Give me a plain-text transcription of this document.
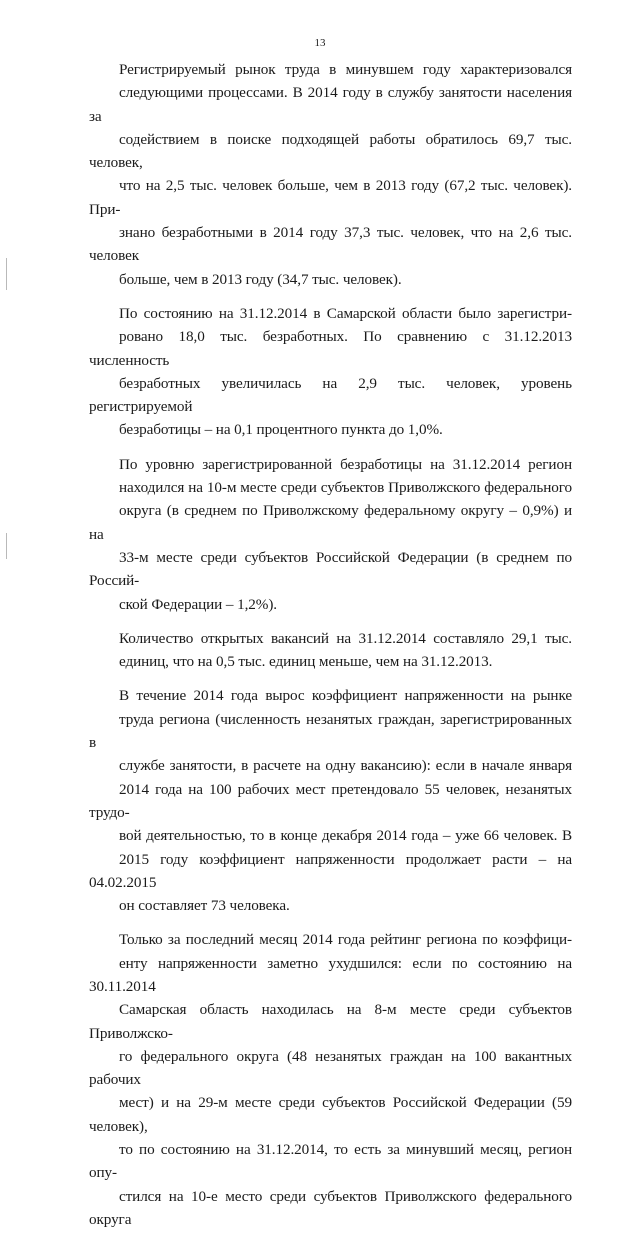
13

Регистрируемый рынок труда в минувшем году характеризовался
следующими процессами. В 2014 году в службу занятости населения за
содействием в поиске подходящей работы обратилось 69,7 тыс. человек,
что на 2,5 тыс. человек больше, чем в 2013 году (67,2 тыс. человек). При-
знано безработными в 2014 году 37,3 тыс. человек, что на 2,6 тыс. человек
больше, чем в 2013 году (34,7 тыс. человек).

По состоянию на 31.12.2014 в Самарской области было зарегистри-
ровано 18,0 тыс. безработных. По сравнению с 31.12.2013 численность
безработных увеличилась на 2,9 тыс. человек, уровень регистрируемой
безработицы – на 0,1 процентного пункта до 1,0%.

По уровню зарегистрированной безработицы на 31.12.2014 регион
находился на 10-м месте среди субъектов Приволжского федерального
округа (в среднем по Приволжскому федеральному округу – 0,9%) и на
33-м месте среди субъектов Российской Федерации (в среднем по Россий-
ской Федерации – 1,2%).

Количество открытых вакансий на 31.12.2014 составляло 29,1 тыс.
единиц, что на 0,5 тыс. единиц меньше, чем на 31.12.2013.

В течение 2014 года вырос коэффициент напряженности на рынке
труда региона (численность незанятых граждан, зарегистрированных в
службе занятости, в расчете на одну вакансию): если в начале января
2014 года на 100 рабочих мест претендовало 55 человек, незанятых трудо-
вой деятельностью, то в конце декабря 2014 года – уже 66 человек. В
2015 году коэффициент напряженности продолжает расти – на 04.02.2015
он составляет 73 человека.

Только за последний месяц 2014 года рейтинг региона по коэффици-
енту напряженности заметно ухудшился: если по состоянию на 30.11.2014
Самарская область находилась на 8-м месте среди субъектов Приволжско-
го федерального округа (48 незанятых граждан на 100 вакантных рабочих
мест) и на 29-м месте среди субъектов Российской Федерации (59 человек),
то по состоянию на 31.12.2014, то есть за минувший месяц, регион опу-
стился на 10-е место среди субъектов Приволжского федерального округа
